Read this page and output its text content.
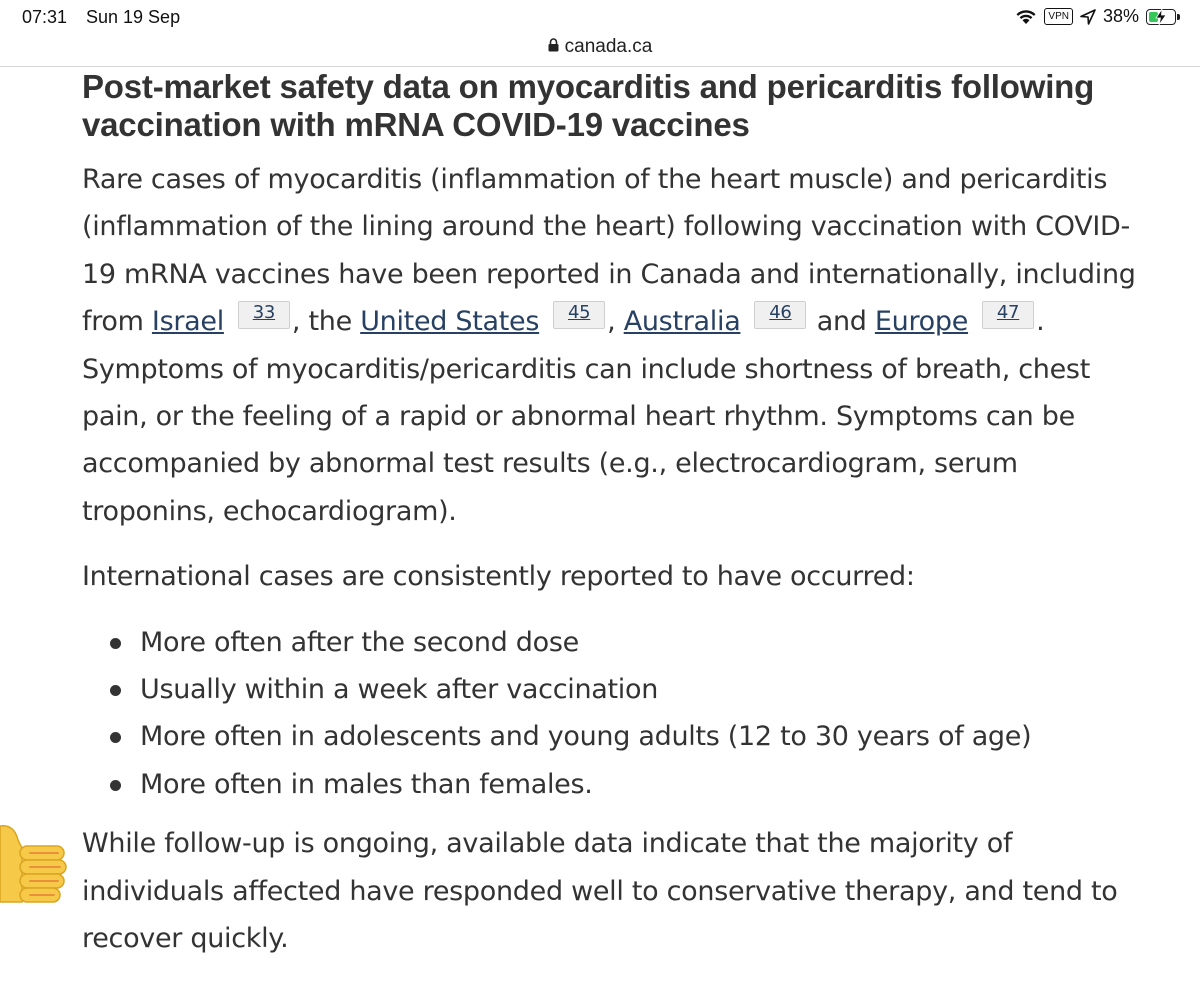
07:31 Sun 19 Sep	VPN 38%
canada.ca
Post-market safety data on myocarditis and pericarditis following vaccination with mRNA COVID-19 vaccines

Rare cases of myocarditis (inflammation of the heart muscle) and pericarditis (inflammation of the lining around the heart) following vaccination with COVID-19 mRNA vaccines have been reported in Canada and internationally, including from Israel 33 , the United States 45 , Australia 46 and Europe 47 . Symptoms of myocarditis/pericarditis can include shortness of breath, chest pain, or the feeling of a rapid or abnormal heart rhythm. Symptoms can be accompanied by abnormal test results (e.g., electrocardiogram, serum troponins, echocardiogram).

International cases are consistently reported to have occurred:

More often after the second dose
Usually within a week after vaccination
More often in adolescents and young adults (12 to 30 years of age)
More often in males than females.

While follow-up is ongoing, available data indicate that the majority of individuals affected have responded well to conservative therapy, and tend to recover quickly.
